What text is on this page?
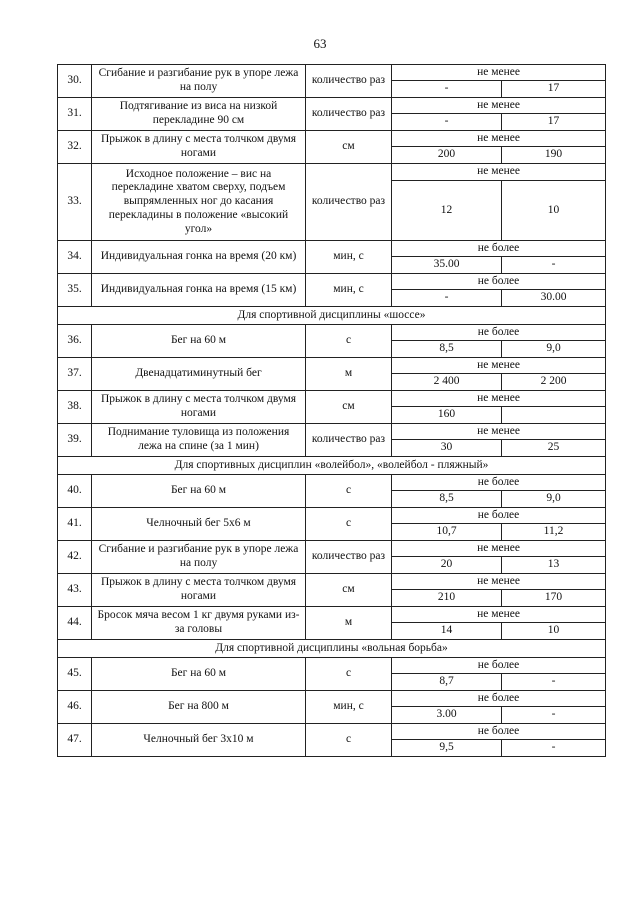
63
30.	Сгибание и разгибание рук в упоре лежа на полу	количество раз	не менее	
			-	17
31.	Подтягивание из виса на низкой перекладине 90 см	количество раз	не менее	
			-	17
32.	Прыжок в длину с места толчком двумя ногами	см	не менее	
			200	190
33.	Исходное положение – вис на перекладине хватом сверху, подъем выпрямленных ног до касания перекладины в положение «высокий угол»	количество раз	не менее	
			12	10
34.	Индивидуальная гонка на время (20 км)	мин, с	не более	
			35.00	-
35.	Индивидуальная гонка на время (15 км)	мин, с	не более	
			-	30.00
Для спортивной дисциплины «шоссе»				
36.	Бег на 60 м	с	не более	
			8,5	9,0
37.	Двенадцатиминутный бег	м	не менее	
			2 400	2 200
38.	Прыжок в длину с места толчком двумя ногами	см	не менее	
			160	
39.	Поднимание туловища из положения лежа на спине (за 1 мин)	количество раз	не менее	
			30	25
Для спортивных дисциплин «волейбол», «волейбол - пляжный»				
40.	Бег на 60 м	с	не более	
			8,5	9,0
41.	Челночный бег 5х6 м	с	не более	
			10,7	11,2
42.	Сгибание и разгибание рук в упоре лежа на полу	количество раз	не менее	
			20	13
43.	Прыжок в длину с места толчком двумя ногами	см	не менее	
			210	170
44.	Бросок мяча весом 1 кг двумя руками из-за головы	м	не менее	
			14	10
Для спортивной дисциплины «вольная борьба»				
45.	Бег на 60 м	с	не более	
			8,7	-
46.	Бег на 800 м	мин, с	не более	
			3.00	-
47.	Челночный бег 3х10 м	с	не более	
			9,5	-
